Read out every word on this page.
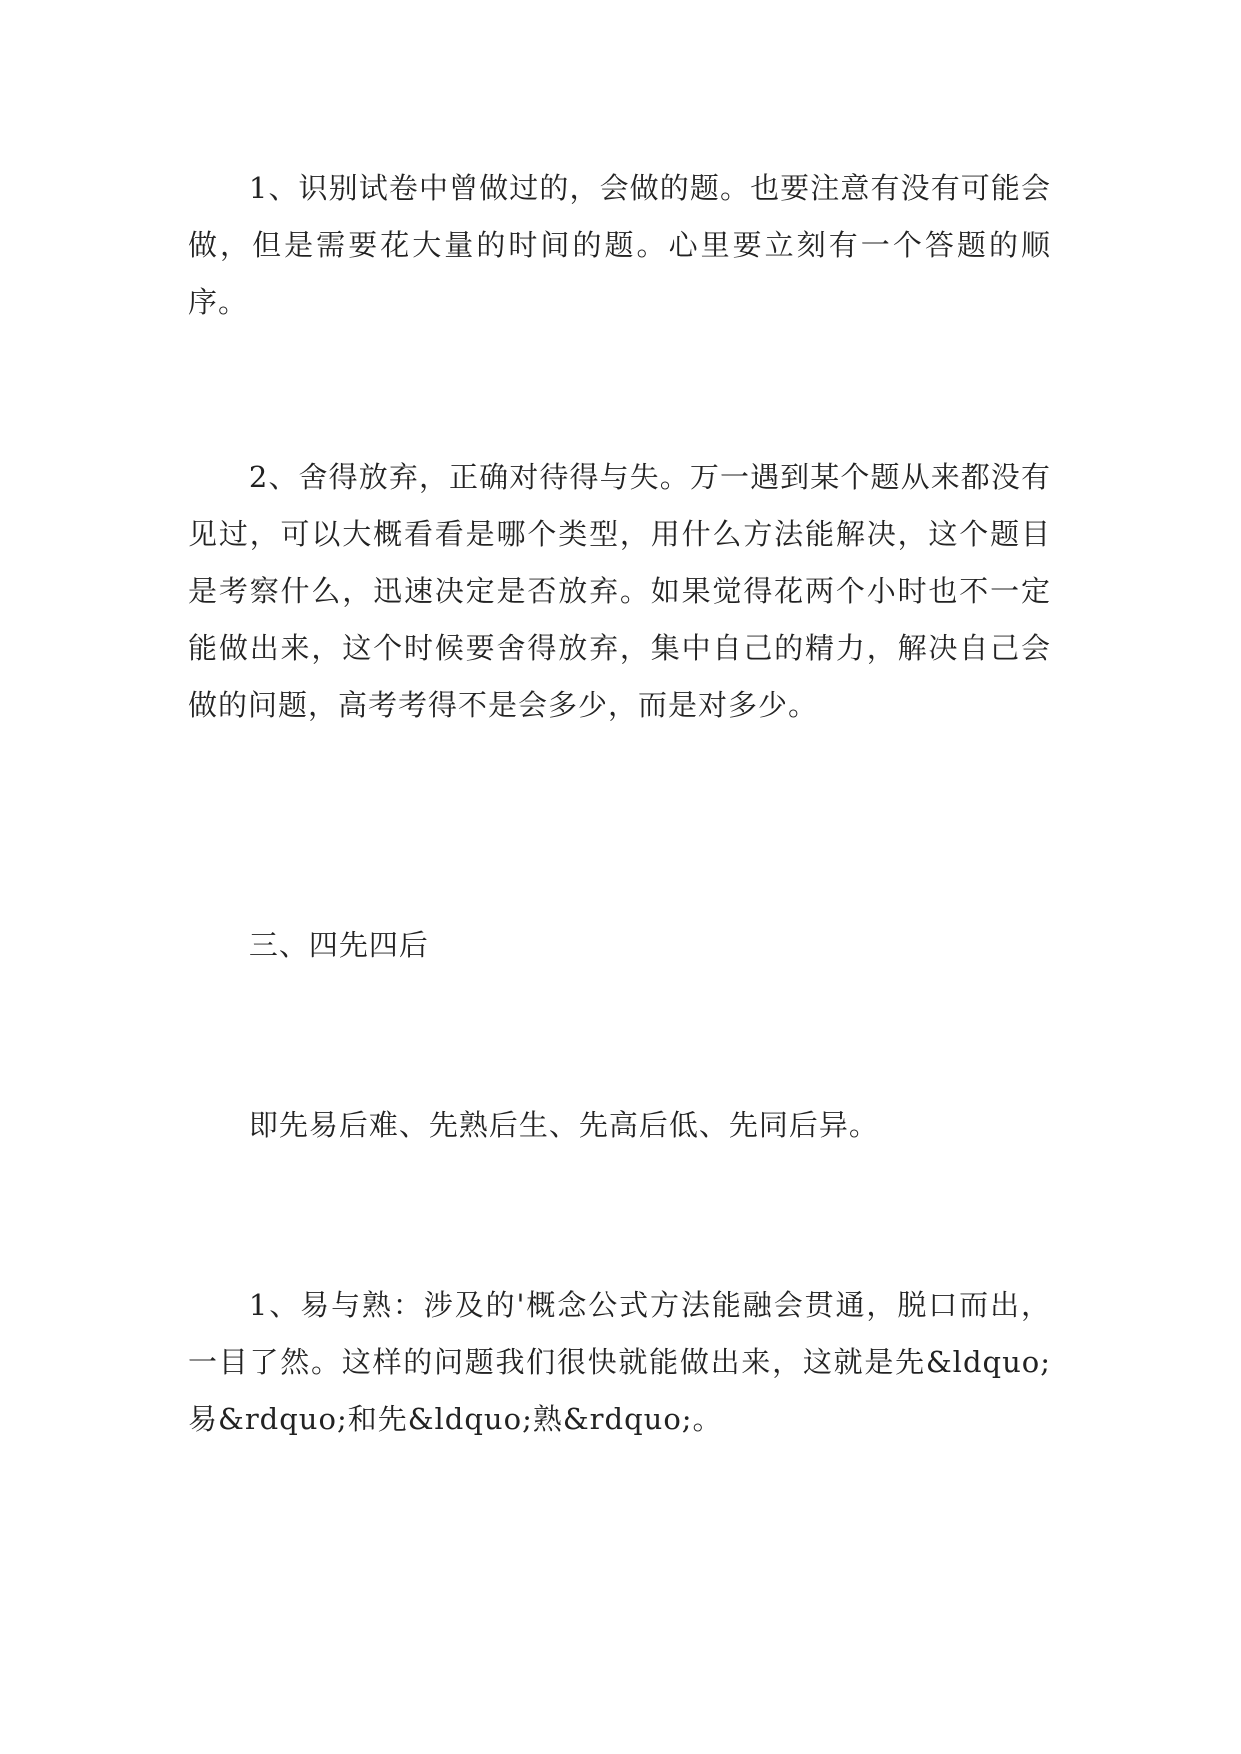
1、识别试卷中曾做过的，会做的题。也要注意有没有可能会做，但是需要花大量的时间的题。心里要立刻有一个答题的顺序。

2、舍得放弃，正确对待得与失。万一遇到某个题从来都没有见过，可以大概看看是哪个类型，用什么方法能解决，这个题目是考察什么，迅速决定是否放弃。如果觉得花两个小时也不一定能做出来，这个时候要舍得放弃，集中自己的精力，解决自己会做的问题，高考考得不是会多少，而是对多少。

三、四先四后

即先易后难、先熟后生、先高后低、先同后异。

1、易与熟：涉及的'概念公式方法能融会贯通，脱口而出，一目了然。这样的问题我们很快就能做出来，这就是先&ldquo;易&rdquo;和先&ldquo;熟&rdquo;。
